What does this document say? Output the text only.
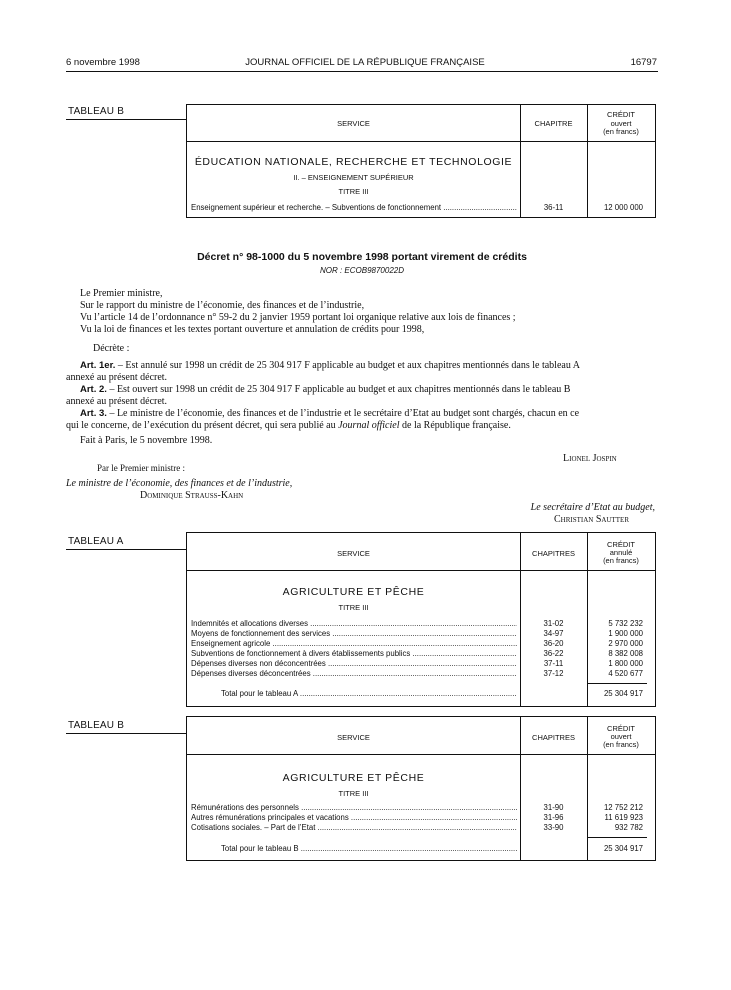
6 novembre 1998	JOURNAL OFFICIEL DE LA RÉPUBLIQUE FRANÇAISE	16797
TABLEAU B
SERVICE	CHAPITRE
CRÉDIT
ouvert
(en francs)
ÉDUCATION NATIONALE, RECHERCHE ET TECHNOLOGIE
II. – ENSEIGNEMENT SUPÉRIEUR
TITRE III
Enseignement supérieur et recherche. – Subventions de fonctionnement .....	36-11	12 000 000
Décret n° 98-1000 du 5 novembre 1998 portant virement de crédits
NOR : ECOB9870022D
Le Premier ministre,
Sur le rapport du ministre de l’économie, des finances et de l’industrie,
Vu l’article 14 de l’ordonnance n° 59-2 du 2 janvier 1959 portant loi organique relative aux lois de finances ;
Vu la loi de finances et les textes portant ouverture et annulation de crédits pour 1998,
Décrète :
Art. 1er. – Est annulé sur 1998 un crédit de 25 304 917 F applicable au budget et aux chapitres mentionnés dans le tableau A
annexé au présent décret.
Art. 2. – Est ouvert sur 1998 un crédit de 25 304 917 F applicable au budget et aux chapitres mentionnés dans le tableau B
annexé au présent décret.
Art. 3. – Le ministre de l’économie, des finances et de l’industrie et le secrétaire d’Etat au budget sont chargés, chacun en ce
qui le concerne, de l’exécution du présent décret, qui sera publié au Journal officiel de la République française.
Fait à Paris, le 5 novembre 1998.
Lionel Jospin
Par le Premier ministre :
Le ministre de l’économie, des finances et de l’industrie,
Dominique Strauss-Kahn
Le secrétaire d’Etat au budget,
Christian Sautter
TABLEAU A
SERVICE	CHAPITRES
CRÉDIT
annulé
(en francs)
AGRICULTURE ET PÊCHE
TITRE III
Indemnités et allocations diverses .....	31-02	5 732 232
Moyens de fonctionnement des services .....	34-97	1 900 000
Enseignement agricole .....	36-20	2 970 000
Subventions de fonctionnement à divers établissements publics .....	36-22	8 382 008
Dépenses diverses non déconcentrées .....	37-11	1 800 000
Dépenses diverses déconcentrées .....	37-12	4 520 677
Total pour le tableau A .....	25 304 917
TABLEAU B
SERVICE	CHAPITRES
CRÉDIT
ouvert
(en francs)
AGRICULTURE ET PÊCHE
TITRE III
Rémunérations des personnels .....	31-90	12 752 212
Autres rémunérations principales et vacations .....	31-96	11 619 923
Cotisations sociales. – Part de l’Etat .....	33-90	932 782
Total pour le tableau B .....	25 304 917
